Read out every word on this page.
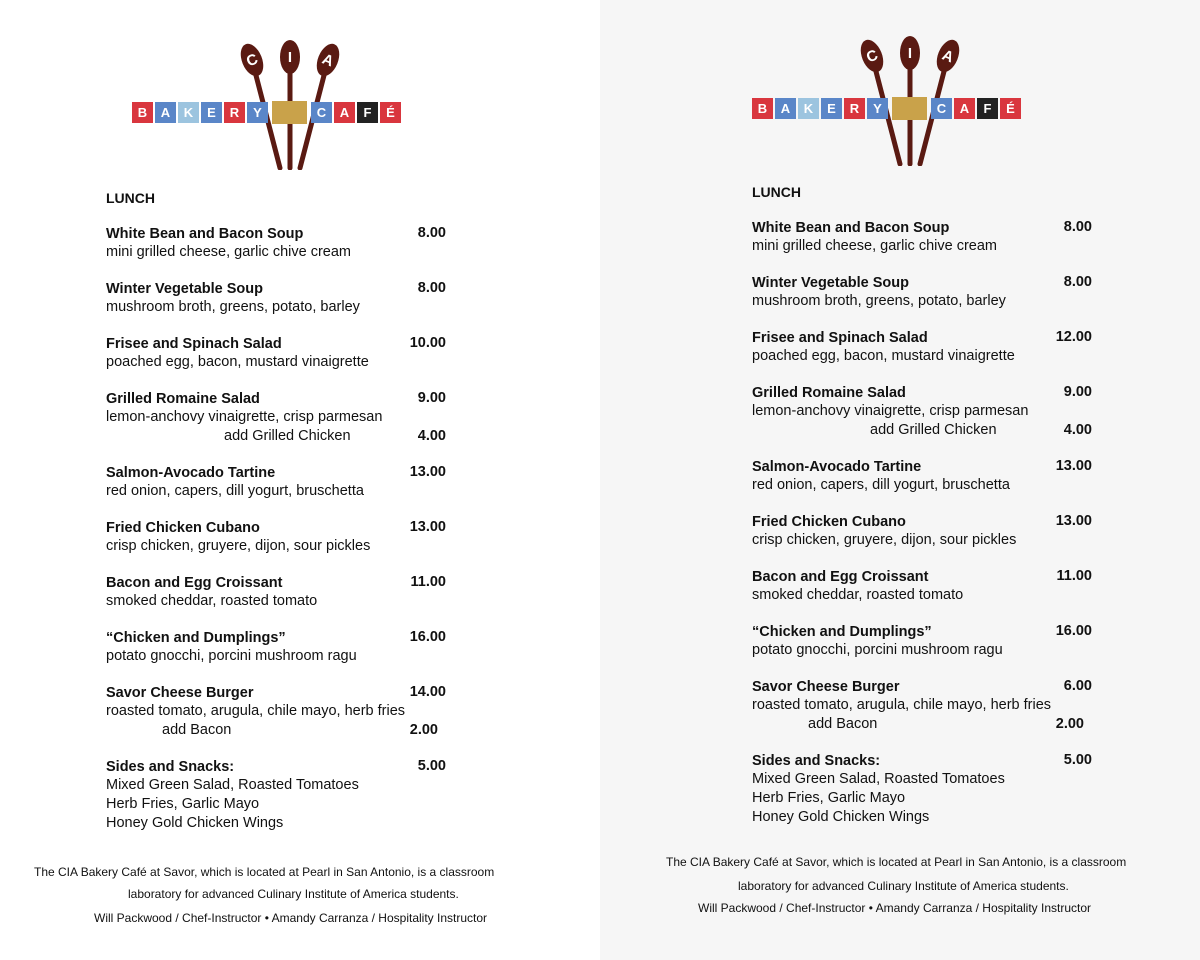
C I A
B A K E R Y	C A F É
LUNCH
White Bean and Bacon Soup	8.00
mini grilled cheese, garlic chive cream
Winter Vegetable Soup	8.00
mushroom broth, greens, potato, barley
Frisee and Spinach Salad	10.00
poached egg, bacon, mustard vinaigrette
Grilled Romaine Salad	9.00
lemon-anchovy vinaigrette, crisp parmesan
add Grilled Chicken	4.00
Salmon-Avocado Tartine	13.00
red onion, capers, dill yogurt, bruschetta
Fried Chicken Cubano	13.00
crisp chicken, gruyere, dijon, sour pickles
Bacon and Egg Croissant	11.00
smoked cheddar, roasted tomato
“Chicken and Dumplings”	16.00
potato gnocchi, porcini mushroom ragu
Savor Cheese Burger	14.00
roasted tomato, arugula, chile mayo, herb fries
add Bacon	2.00
Sides and Snacks:	5.00
Mixed Green Salad, Roasted Tomatoes
Herb Fries, Garlic Mayo
Honey Gold Chicken Wings
The CIA Bakery Café at Savor, which is located at Pearl in San Antonio, is a classroom
laboratory for advanced Culinary Institute of America students.
Will Packwood / Chef-Instructor • Amandy Carranza / Hospitality Instructor
C I A
B A K E R Y	C A F É
LUNCH
White Bean and Bacon Soup	8.00
mini grilled cheese, garlic chive cream
Winter Vegetable Soup	8.00
mushroom broth, greens, potato, barley
Frisee and Spinach Salad	12.00
poached egg, bacon, mustard vinaigrette
Grilled Romaine Salad	9.00
lemon-anchovy vinaigrette, crisp parmesan
add Grilled Chicken	4.00
Salmon-Avocado Tartine	13.00
red onion, capers, dill yogurt, bruschetta
Fried Chicken Cubano	13.00
crisp chicken, gruyere, dijon, sour pickles
Bacon and Egg Croissant	11.00
smoked cheddar, roasted tomato
“Chicken and Dumplings”	16.00
potato gnocchi, porcini mushroom ragu
Savor Cheese Burger	6.00
roasted tomato, arugula, chile mayo, herb fries
add Bacon	2.00
Sides and Snacks:	5.00
Mixed Green Salad, Roasted Tomatoes
Herb Fries, Garlic Mayo
Honey Gold Chicken Wings
The CIA Bakery Café at Savor, which is located at Pearl in San Antonio, is a classroom
laboratory for advanced Culinary Institute of America students.
Will Packwood / Chef-Instructor • Amandy Carranza / Hospitality Instructor
